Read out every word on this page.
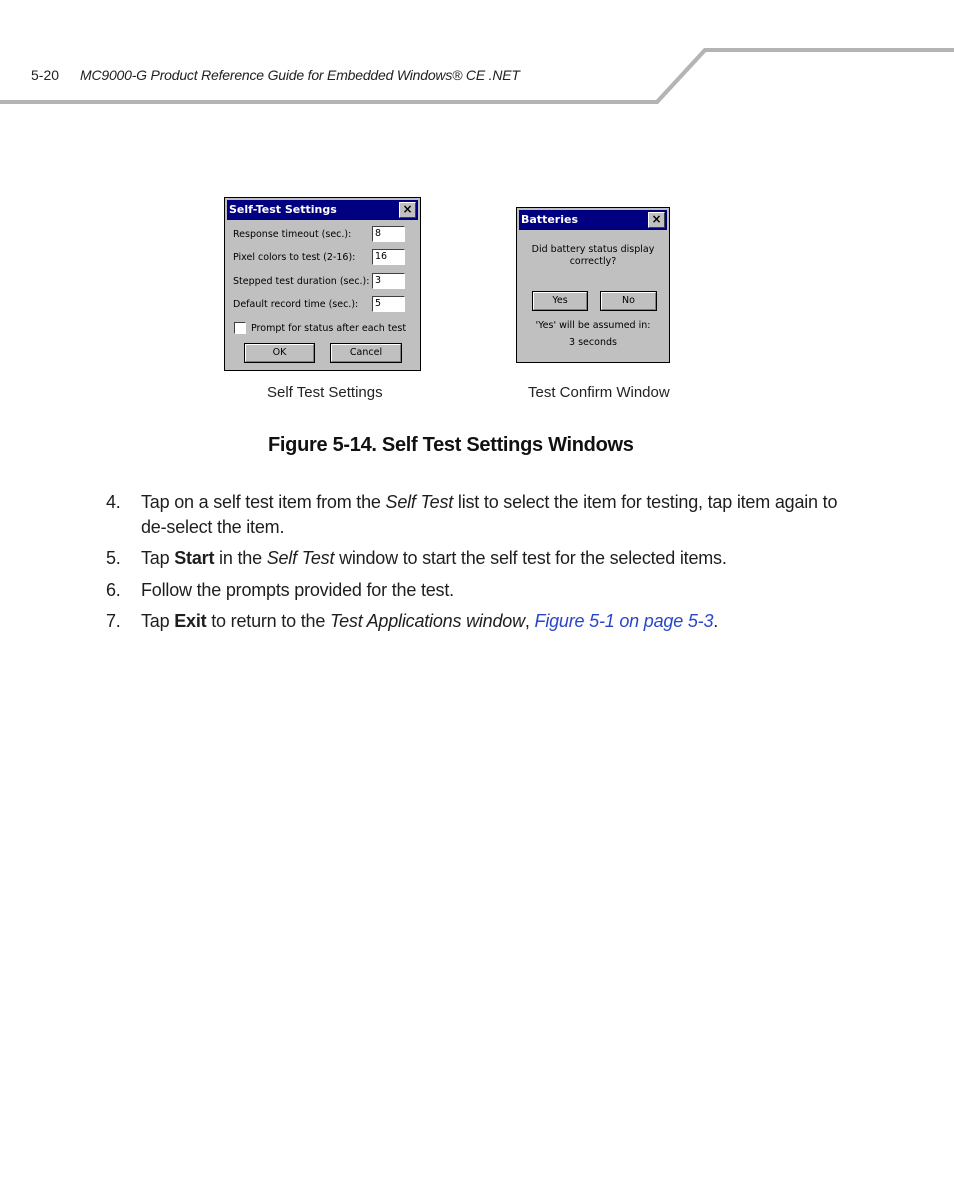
5-20 MC9000-G Product Reference Guide for Embedded Windows® CE .NET
Self-Test Settings	×
Response timeout (sec.):	8
Pixel colors to test (2-16):	16
Stepped test duration (sec.): 3
Default record time (sec.):	5
Prompt for status after each test
OK	Cancel
Batteries	×
Did battery status display
correctly?
Yes	No
'Yes' will be assumed in:
3 seconds
Self Test Settings	Test Confirm Window
Figure 5-14. Self Test Settings Windows
4. Tap on a self test item from the Self Test list to select the item for testing, tap item again to de-select the item.
5. Tap Start in the Self Test window to start the self test for the selected items.
6. Follow the prompts provided for the test.
7. Tap Exit to return to the Test Applications window, Figure 5-1 on page 5-3.
